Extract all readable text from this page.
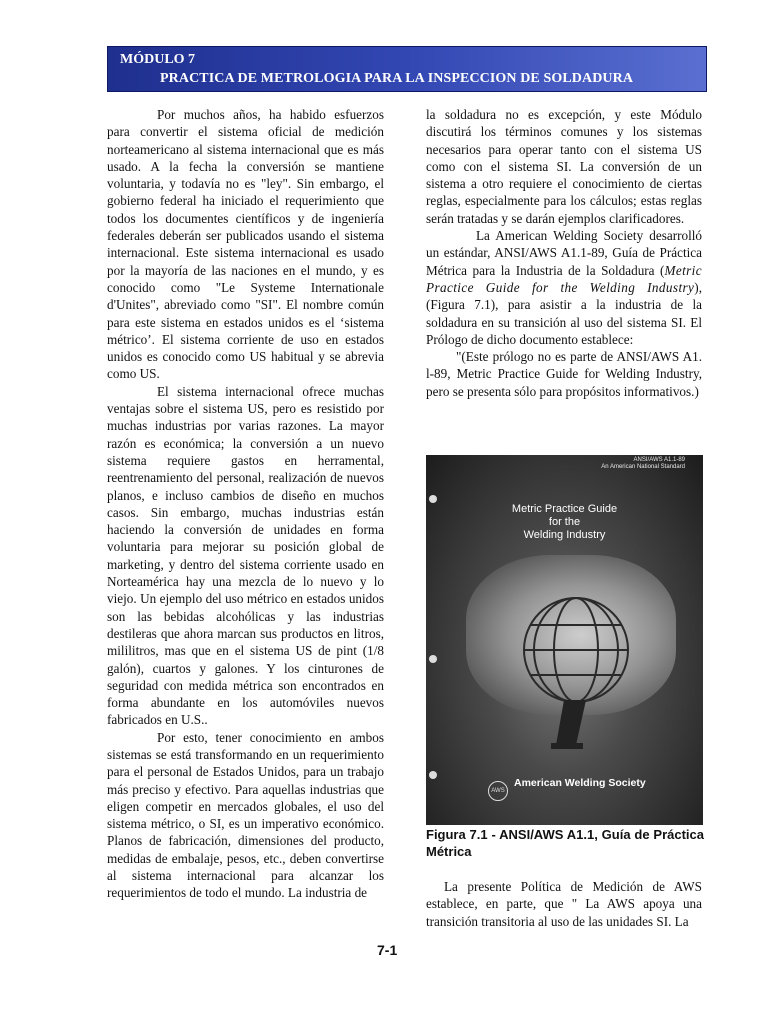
MÓDULO 7
PRACTICA DE METROLOGIA PARA LA INSPECCION DE SOLDADURA

Por muchos años, ha habido esfuerzos para convertir el sistema oficial de medición norteamericano al sistema internacional que es más usado. A la fecha la conversión se mantiene voluntaria, y todavía no es "ley". Sin embargo, el gobierno federal ha iniciado el requerimiento que todos los documentes científicos y de ingeniería federales deberán ser publicados usando el sistema internacional. Este sistema internacional es usado por la mayoría de las naciones en el mundo, y es conocido como "Le Systeme Internationale d'Unites", abreviado como "SI". El nombre común para este sistema en estados unidos es el ‘sistema métrico’. El sistema corriente de uso en estados unidos es conocido como US habitual y se abrevia como US.

El sistema internacional ofrece muchas ventajas sobre el sistema US, pero es resistido por muchas industrias por varias razones. La mayor razón es económica; la conversión a un nuevo sistema requiere gastos en herramental, reentrenamiento del personal, realización de nuevos planos, e incluso cambios de diseño en muchos casos. Sin embargo, muchas industrias están haciendo la conversión de unidades en forma voluntaria para mejorar su posición global de marketing, y dentro del sistema corriente usado en Norteamérica hay una mezcla de lo nuevo y lo viejo. Un ejemplo del uso métrico en estados unidos son las bebidas alcohólicas y las industrias destileras que ahora marcan sus productos en litros, mililitros, mas que en el sistema US de pint (1/8 galón), cuartos y galones. Y los cinturones de seguridad con medida métrica son encontrados en forma abundante en los automóviles nuevos fabricados en U.S..

Por esto, tener conocimiento en ambos sistemas se está transformando en un requerimiento para el personal de Estados Unidos, para un trabajo más preciso y efectivo. Para aquellas industrias que eligen competir en mercados globales, el uso del sistema métrico, o SI, es un imperativo económico. Planos de fabricación, dimensiones del producto, medidas de embalaje, pesos, etc., deben convertirse al sistema internacional para alcanzar los requerimientos de todo el mundo. La industria de

la soldadura no es excepción, y este Módulo discutirá los términos comunes y los sistemas necesarios para operar tanto con el sistema US como con el sistema SI. La conversión de un sistema a otro requiere el conocimiento de ciertas reglas, especialmente para los cálculos; estas reglas serán tratadas y se darán ejemplos clarificadores.

La American Welding Society desarrolló un estándar, ANSI/AWS A1.1-89, Guía de Práctica Métrica para la Industria de la Soldadura (Metric Practice Guide for the Welding Industry), (Figura 7.1), para asistir a la industria de la soldadura en su transición al uso del sistema SI. El Prólogo de dicho documento establece:

"(Este prólogo no es parte de ANSI/AWS A1. l-89, Metric Practice Guide for Welding Industry, pero se presenta sólo para propósitos informativos.)

ANSI/AWS A1.1-89
An American National Standard
Metric Practice Guide
for the
Welding Industry
AWS
American Welding Society
Figura 7.1 - ANSI/AWS A1.1, Guía de Práctica Métrica

La presente Política de Medición de AWS establece, en parte, que " La AWS apoya una transición transitoria al uso de las unidades SI. La

7-1
